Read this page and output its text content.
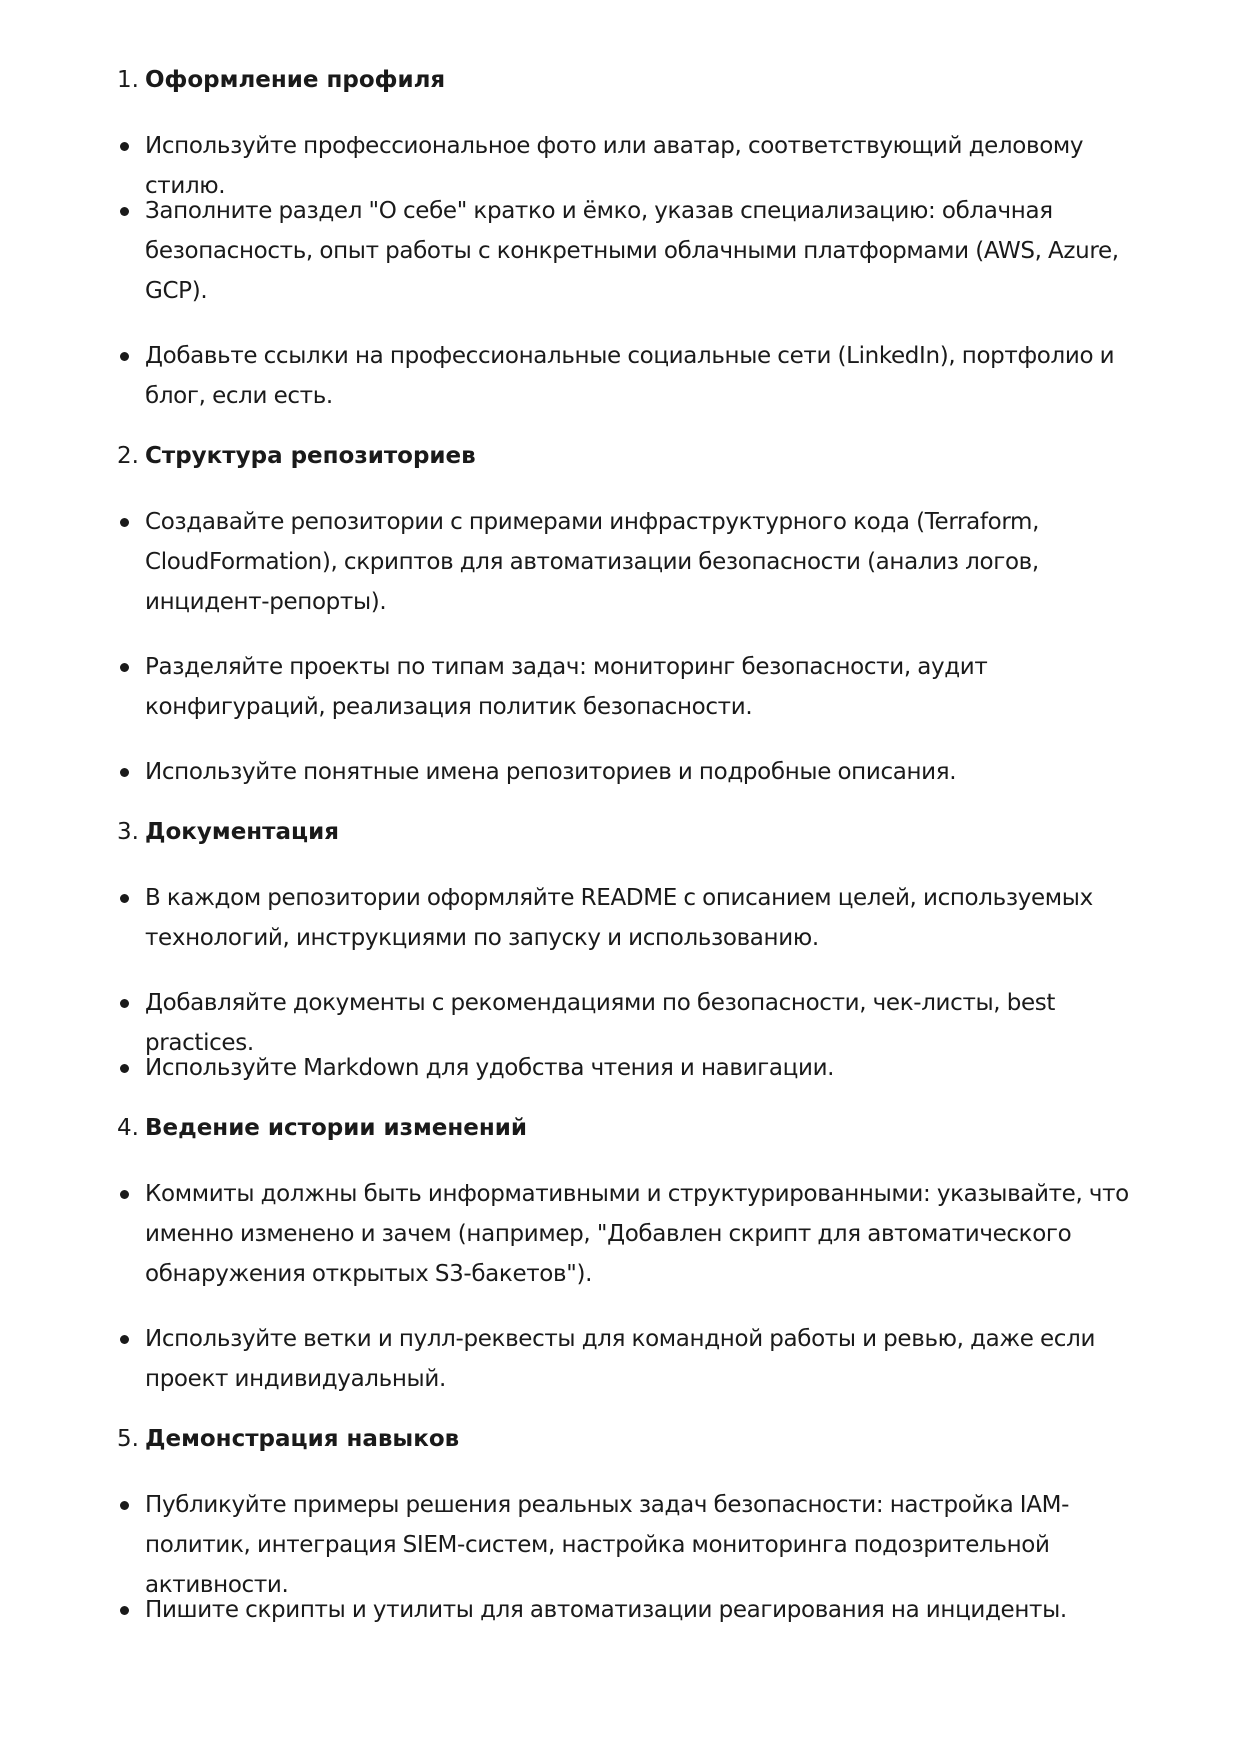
1. Оформление профиля
Используйте профессиональное фото или аватар, соответствующий деловому стилю.
Заполните раздел "О себе" кратко и ёмко, указав специализацию: облачная безопасность, опыт работы с конкретными облачными платформами (AWS, Azure, GCP).
Добавьте ссылки на профессиональные социальные сети (LinkedIn), портфолио и блог, если есть.
2. Структура репозиториев
Создавайте репозитории с примерами инфраструктурного кода (Terraform, CloudFormation), скриптов для автоматизации безопасности (анализ логов, инцидент-репорты).
Разделяйте проекты по типам задач: мониторинг безопасности, аудит конфигураций, реализация политик безопасности.
Используйте понятные имена репозиториев и подробные описания.
3. Документация
В каждом репозитории оформляйте README с описанием целей, используемых технологий, инструкциями по запуску и использованию.
Добавляйте документы с рекомендациями по безопасности, чек-листы, best practices.
Используйте Markdown для удобства чтения и навигации.
4. Ведение истории изменений
Коммиты должны быть информативными и структурированными: указывайте, что именно изменено и зачем (например, "Добавлен скрипт для автоматического обнаружения открытых S3-бакетов").
Используйте ветки и пулл-реквесты для командной работы и ревью, даже если проект индивидуальный.
5. Демонстрация навыков
Публикуйте примеры решения реальных задач безопасности: настройка IAM-политик, интеграция SIEM-систем, настройка мониторинга подозрительной активности.
Пишите скрипты и утилиты для автоматизации реагирования на инциденты.
